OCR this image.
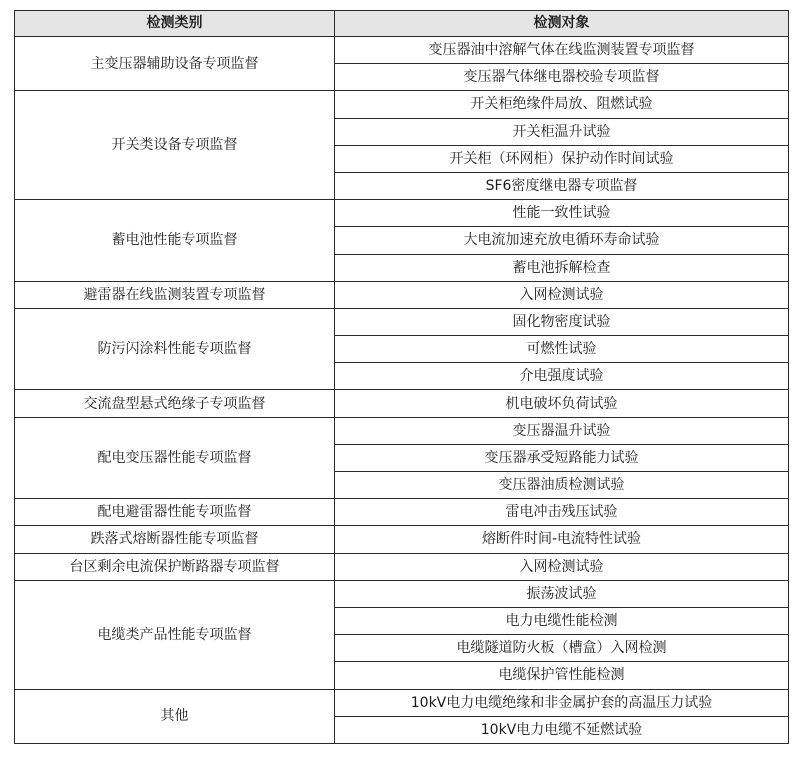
检测类别	检测对象
主变压器辅助设备专项监督	变压器油中溶解气体在线监测装置专项监督
	变压器气体继电器校验专项监督
开关类设备专项监督	开关柜绝缘件局放、阻燃试验
	开关柜温升试验
	开关柜（环网柜）保护动作时间试验
	SF6密度继电器专项监督
蓄电池性能专项监督	性能一致性试验
	大电流加速充放电循环寿命试验
	蓄电池拆解检查
避雷器在线监测装置专项监督	入网检测试验
防污闪涂料性能专项监督	固化物密度试验
	可燃性试验
	介电强度试验
交流盘型悬式绝缘子专项监督	机电破坏负荷试验
配电变压器性能专项监督	变压器温升试验
	变压器承受短路能力试验
	变压器油质检测试验
配电避雷器性能专项监督	雷电冲击残压试验
跌落式熔断器性能专项监督	熔断件时间-电流特性试验
台区剩余电流保护断路器专项监督	入网检测试验
电缆类产品性能专项监督	振荡波试验
	电力电缆性能检测
	电缆隧道防火板（槽盒）入网检测
	电缆保护管性能检测
其他	10kV电力电缆绝缘和非金属护套的高温压力试验
	10kV电力电缆不延燃试验
